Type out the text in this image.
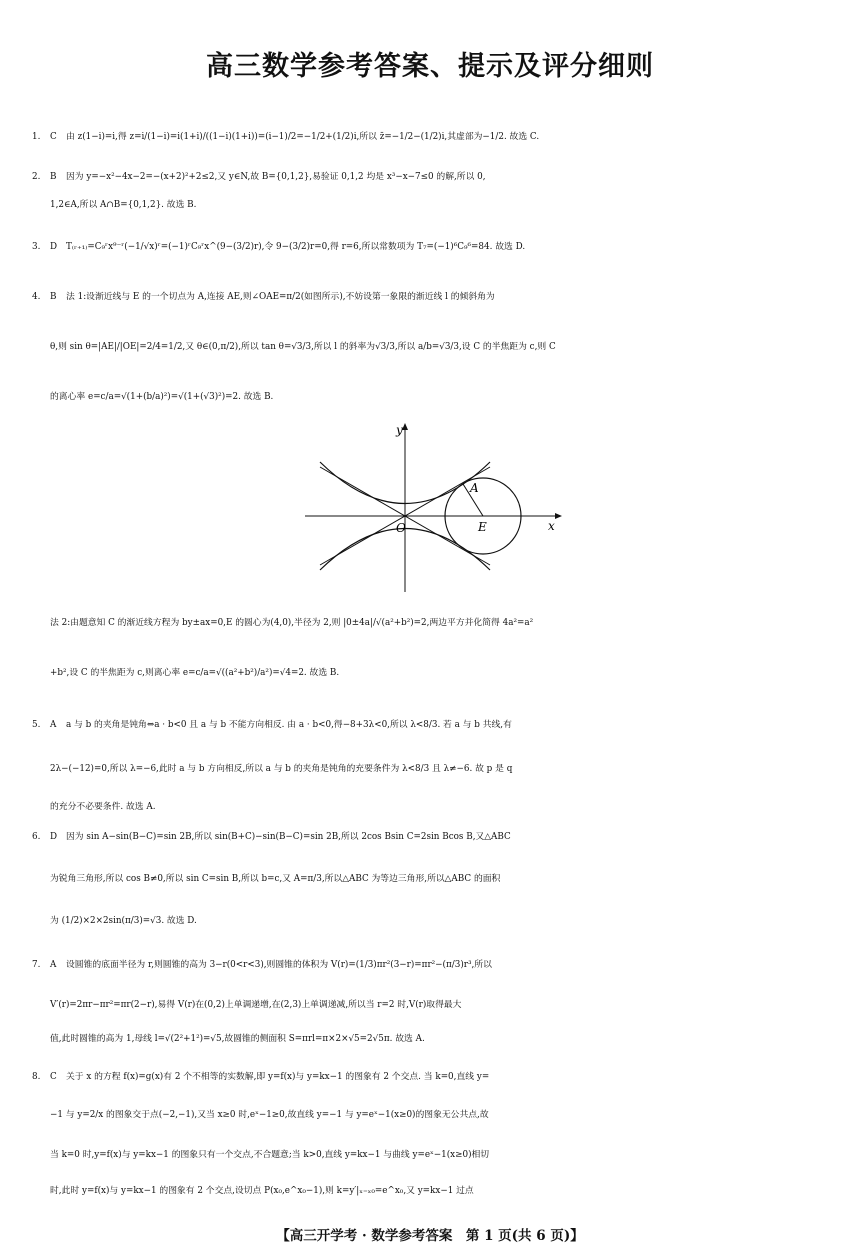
高三数学参考答案、提示及评分细则
1. C 由 z(1−i)=i,得 z=i/(1−i)=i(1+i)/((1−i)(1+i))=(i−1)/2=−1/2+(1/2)i,所以 z̄=−1/2−(1/2)i,其虚部为−1/2. 故选 C.
2. B 因为 y=−x²−4x−2=−(x+2)²+2≤2,又 y∈N,故 B={0,1,2},易验证 0,1,2 均是 x³−x−7≤0 的解,所以 0,
1,2∈A,所以 A∩B={0,1,2}. 故选 B.
3. D T₍ᵣ₊₁₎=C₉ʳx⁹⁻ʳ(−1/√x)ʳ=(−1)ʳC₉ʳx^(9−(3/2)r),令 9−(3/2)r=0,得 r=6,所以常数项为 T₇=(−1)⁶C₉⁶=84. 故选 D.
4. B 法 1:设渐近线与 E 的一个切点为 A,连接 AE,则∠OAE=π/2(如图所示),不妨设第一象限的渐近线 l 的倾斜角为
θ,则 sin θ=|AE|/|OE|=2/4=1/2,又 θ∈(0,π/2),所以 tan θ=√3/3,所以 l 的斜率为√3/3,所以 a/b=√3/3,设 C 的半焦距为 c,则 C
的离心率 e=c/a=√(1+(b/a)²)=√(1+(√3)²)=2. 故选 B.
y
x
O
A
E
法 2:由题意知 C 的渐近线方程为 by±ax=0,E 的圆心为(4,0),半径为 2,则 |0±4a|/√(a²+b²)=2,两边平方并化简得 4a²=a²
+b²,设 C 的半焦距为 c,则离心率 e=c/a=√((a²+b²)/a²)=√4=2. 故选 B.
5. A a 与 b 的夹角是钝角⇔a · b<0 且 a 与 b 不能方向相反. 由 a · b<0,得−8+3λ<0,所以 λ<8/3. 若 a 与 b 共线,有
2λ−(−12)=0,所以 λ=−6,此时 a 与 b 方向相反,所以 a 与 b 的夹角是钝角的充要条件为 λ<8/3 且 λ≠−6. 故 p 是 q
的充分不必要条件. 故选 A.
6. D 因为 sin A−sin(B−C)=sin 2B,所以 sin(B+C)−sin(B−C)=sin 2B,所以 2cos Bsin C=2sin Bcos B,又△ABC
为锐角三角形,所以 cos B≠0,所以 sin C=sin B,所以 b=c,又 A=π/3,所以△ABC 为等边三角形,所以△ABC 的面积
为 (1/2)×2×2sin(π/3)=√3. 故选 D.
7. A 设圆锥的底面半径为 r,则圆锥的高为 3−r(0<r<3),则圆锥的体积为 V(r)=(1/3)πr²(3−r)=πr²−(π/3)r³,所以
V′(r)=2πr−πr²=πr(2−r),易得 V(r)在(0,2)上单调递增,在(2,3)上单调递减,所以当 r=2 时,V(r)取得最大
值,此时圆锥的高为 1,母线 l=√(2²+1²)=√5,故圆锥的侧面积 S=πrl=π×2×√5=2√5π. 故选 A.
8. C 关于 x 的方程 f(x)=g(x)有 2 个不相等的实数解,即 y=f(x)与 y=kx−1 的图象有 2 个交点. 当 k=0,直线 y=
−1 与 y=2/x 的图象交于点(−2,−1),又当 x≥0 时,eˣ−1≥0,故直线 y=−1 与 y=eˣ−1(x≥0)的图象无公共点,故
当 k=0 时,y=f(x)与 y=kx−1 的图象只有一个交点,不合题意;当 k>0,直线 y=kx−1 与曲线 y=eˣ−1(x≥0)相切
时,此时 y=f(x)与 y=kx−1 的图象有 2 个交点,设切点 P(x₀,e^x₀−1),则 k=y′|ₓ₌ₓ₀=e^x₀,又 y=kx−1 过点
【高三开学考 · 数学参考答案　第 1 页(共 6 页)】
